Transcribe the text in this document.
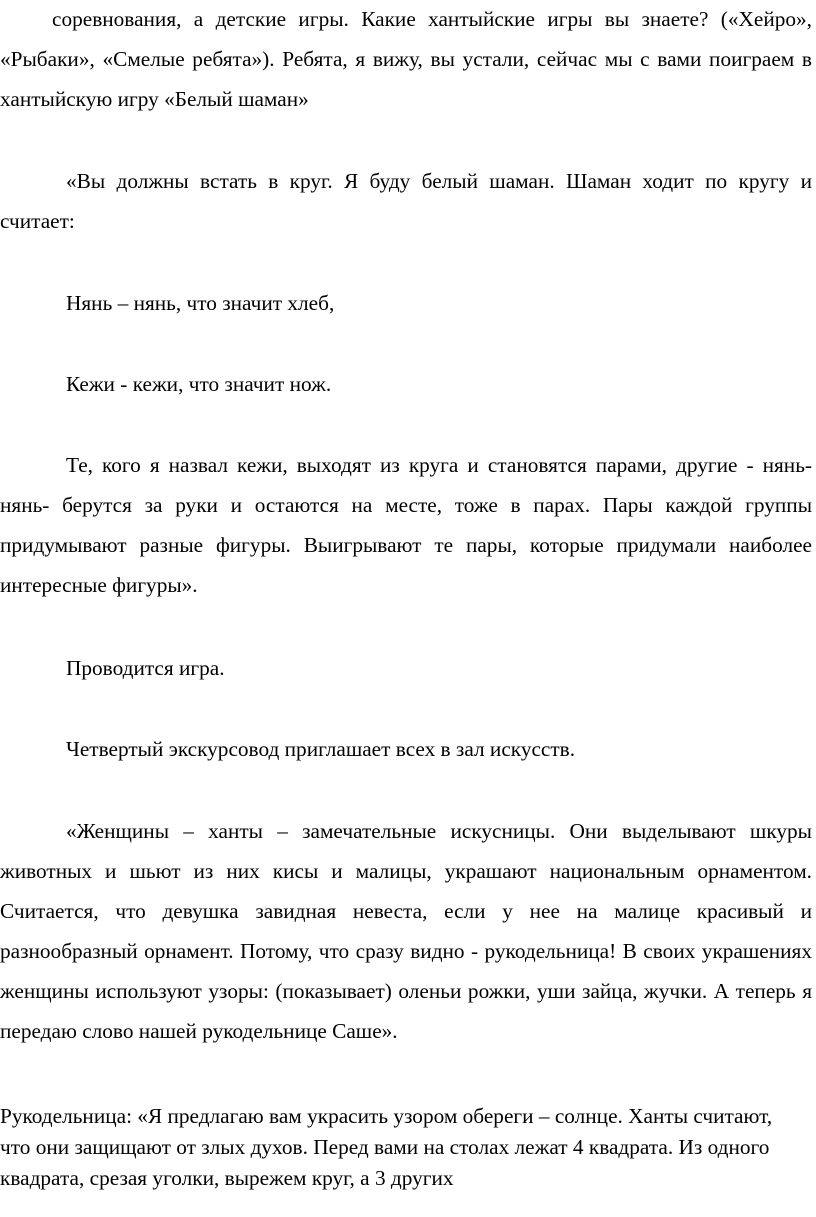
соревнования, а детские игры. Какие хантыйские игры вы знаете? («Хейро», «Рыбаки», «Смелые ребята»). Ребята, я вижу, вы устали, сейчас мы с вами поиграем в хантыйскую игру «Белый шаман»

«Вы должны встать в круг. Я буду белый шаман. Шаман ходит по кругу и считает:

Нянь – нянь, что значит хлеб,

Кежи - кежи, что значит нож.

Те, кого я назвал кежи, выходят из круга и становятся парами, другие - нянь- нянь- берутся за руки и остаются на месте, тоже в парах. Пары каждой группы придумывают разные фигуры. Выигрывают те пары, которые придумали наиболее интересные фигуры».

Проводится игра.

Четвертый экскурсовод приглашает всех в зал искусств.

«Женщины – ханты – замечательные искусницы. Они выделывают шкуры животных и шьют из них кисы и малицы, украшают национальным орнаментом. Считается, что девушка завидная невеста, если у нее на малице красивый и разнообразный орнамент. Потому, что сразу видно - рукодельница! В своих украшениях женщины используют узоры: (показывает) оленьи рожки, уши зайца, жучки. А теперь я передаю слово нашей рукодельнице Саше».

Рукодельница: «Я предлагаю вам украсить узором обереги – солнце. Ханты считают, что они защищают от злых духов. Перед вами на столах лежат 4 квадрата. Из одного квадрата, срезая уголки, вырежем круг, а 3 других
